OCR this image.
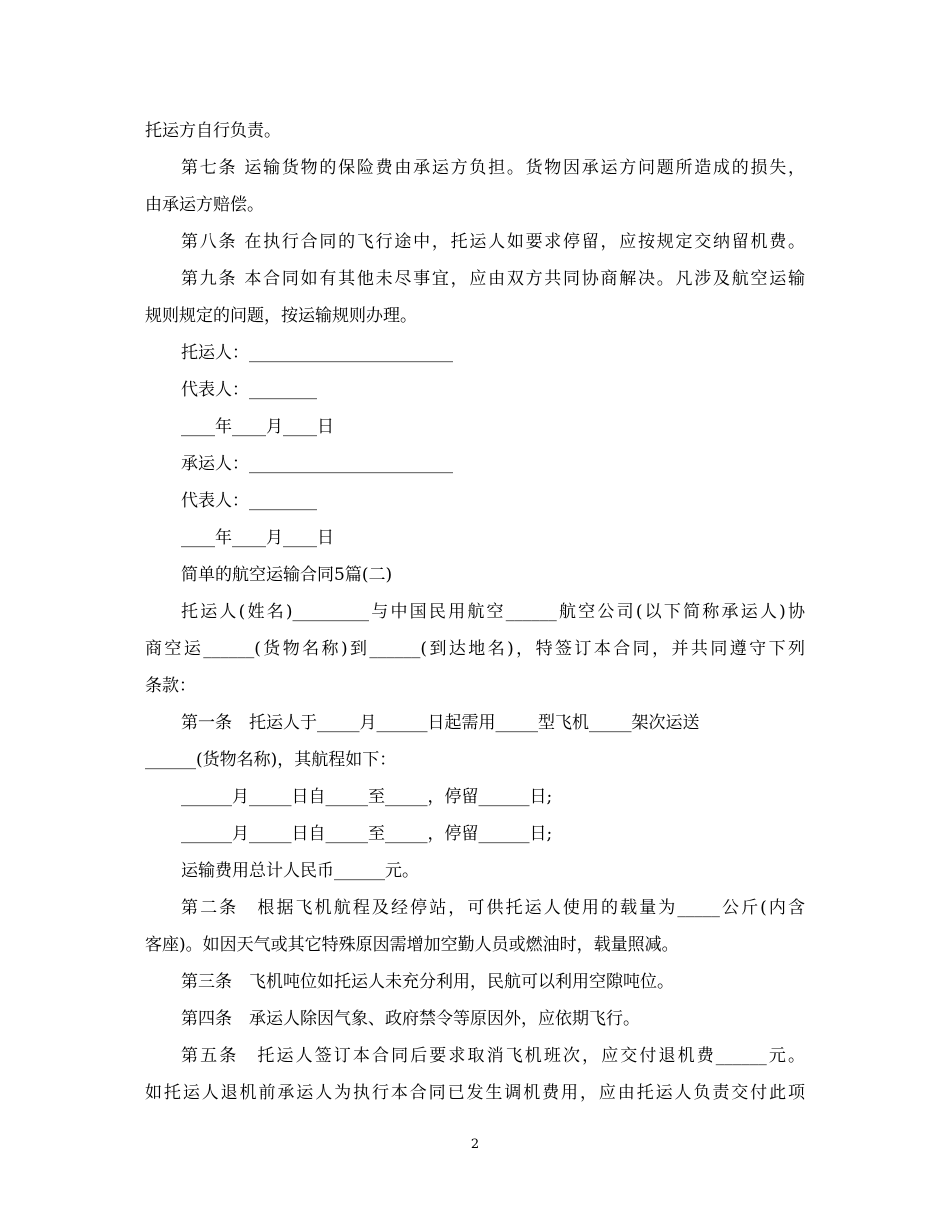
托运方自行负责。
第七条 运输货物的保险费由承运方负担。货物因承运方问题所造成的损失，
由承运方赔偿。
第八条 在执行合同的飞行途中，托运人如要求停留，应按规定交纳留机费。
第九条 本合同如有其他未尽事宜，应由双方共同协商解决。凡涉及航空运输
规则规定的问题，按运输规则办理。
托运人：________________________
代表人：________
____年____月____日
承运人：________________________
代表人：________
____年____月____日
简单的航空运输合同5篇(二)
托运人(姓名)_________与中国民用航空______航空公司(以下简称承运人)协
商空运______(货物名称)到______(到达地名)，特签订本合同，并共同遵守下列
条款：
第一条　托运人于_____月______日起需用_____型飞机_____架次运送
______(货物名称)，其航程如下：
______月_____日自_____至_____，停留______日;
______月_____日自_____至_____，停留______日;
运输费用总计人民币______元。
第二条　根据飞机航程及经停站，可供托运人使用的载量为_____公斤(内含
客座)。如因天气或其它特殊原因需增加空勤人员或燃油时，载量照减。
第三条　飞机吨位如托运人未充分利用，民航可以利用空隙吨位。
第四条　承运人除因气象、政府禁令等原因外，应依期飞行。
第五条　托运人签订本合同后要求取消飞机班次，应交付退机费______元。
如托运人退机前承运人为执行本合同已发生调机费用，应由托运人负责交付此项
2
